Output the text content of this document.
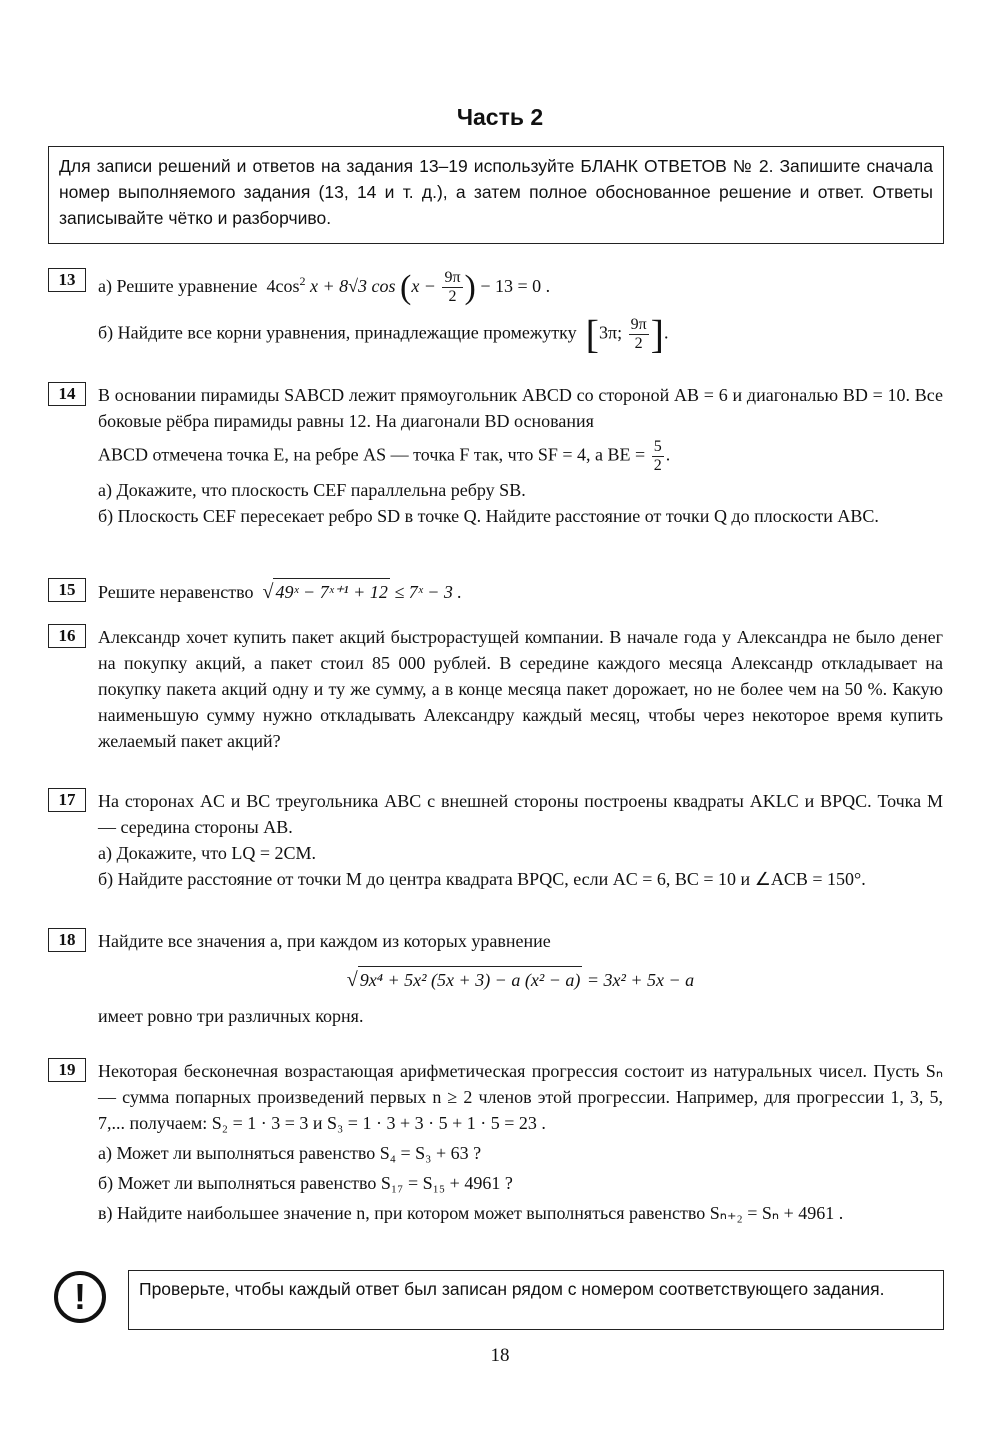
Часть 2
Для записи решений и ответов на задания 13–19 используйте БЛАНК ОТВЕТОВ № 2. Запишите сначала номер выполняемого задания (13, 14 и т. д.), а затем полное обоснованное решение и ответ. Ответы записывайте чётко и разборчиво.
13	а) Решите уравнение $4\cos^2$ x + 8√3 $\cos (x - \frac{9\pi}{2}$ ) − 13 = 0 .
б) Найдите все корни уравнения, принадлежащие промежутку [3π; $\frac{9\pi}{2}$ ].
14	В основании пирамиды SABCD лежит прямоугольник ABCD со стороной AB = 6 и диагональю BD = 10. Все боковые рёбра пирамиды равны 12. На диагонали BD основания
ABCD отмечена точка E, на ребре AS — точка F так, что SF = 4, а BE = $\frac{5}{2}$ .
а) Докажите, что плоскость CEF параллельна ребру SB.
б) Плоскость CEF пересекает ребро SD в точке Q. Найдите расстояние от точки Q до плоскости ABC.
15	Решите неравенство √ 49ˣ − 7ˣ⁺¹ + 12 ≤ 7ˣ − 3 .
16	Александр хочет купить пакет акций быстрорастущей компании. В начале года у Александра не было денег на покупку акций, а пакет стоил 85 000 рублей. В середине каждого месяца Александр откладывает на покупку пакета акций одну и ту же сумму, а в конце месяца пакет дорожает, но не более чем на 50 %. Какую наименьшую сумму нужно откладывать Александру каждый месяц, чтобы через некоторое время купить желаемый пакет акций?
17	На сторонах AC и BC треугольника ABC с внешней стороны построены квадраты AKLC и BPQC. Точка M — середина стороны AB.
а) Докажите, что LQ = 2CM.
б) Найдите расстояние от точки M до центра квадрата BPQC, если AC = 6, BC = 10 и ∠ACB = 150°.
18	Найдите все значения a, при каждом из которых уравнение
√ 9x⁴ + 5x² (5x + 3) − a (x² − a) = 3x² + 5x − a
имеет ровно три различных корня.
19	Некоторая бесконечная возрастающая арифметическая прогрессия состоит из натуральных чисел. Пусть Sₙ — сумма попарных произведений первых n ≥ 2 членов этой прогрессии. Например, для прогрессии 1, 3, 5, 7,... получаем: S₂ = 1 · 3 = 3 и S₃ = 1 · 3 + 3 · 5 + 1 · 5 = 23 .
а) Может ли выполняться равенство S₄ = S₃ + 63 ?
б) Может ли выполняться равенство S₁₇ = S₁₅ + 4961 ?
в) Найдите наибольшее значение n, при котором может выполняться равенство Sₙ₊₂ = Sₙ + 4961 .
!	Проверьте, чтобы каждый ответ был записан рядом с номером соответствующего задания.
18
